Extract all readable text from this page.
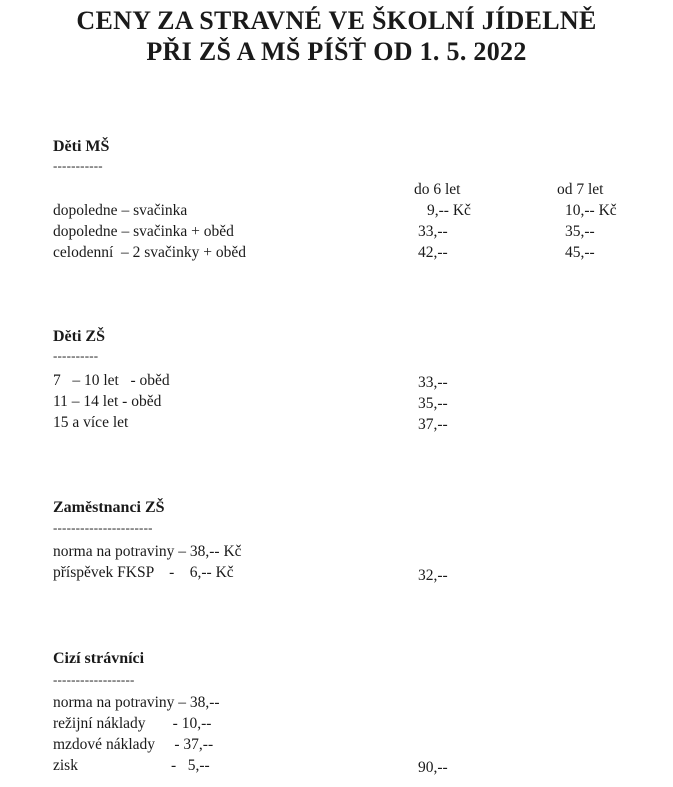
CENY ZA STRAVNÉ VE ŠKOLNÍ JÍDELNĚ
PŘI ZŠ A MŠ PÍŠŤ OD 1. 5. 2022
Děti MŠ
-----------
do 6 let	od 7 let
dopoledne – svačinka	9,-- Kč	10,-- Kč
dopoledne – svačinka + oběd	33,--	35,--
celodenní  – 2 svačinky + oběd	42,--	45,--
Děti ZŠ
----------
7   – 10 let   - oběd	33,--
11 – 14 let - oběd	35,--
15 a více let	37,--
Zaměstnanci ZŠ
----------------------
norma na potraviny – 38,-- Kč
příspěvek FKSP    -    6,-- Kč	32,--
Cizí strávníci
------------------
norma na potraviny – 38,--
režijní náklady       - 10,--
mzdové náklady     - 37,--
zisk                        -   5,--	90,--
